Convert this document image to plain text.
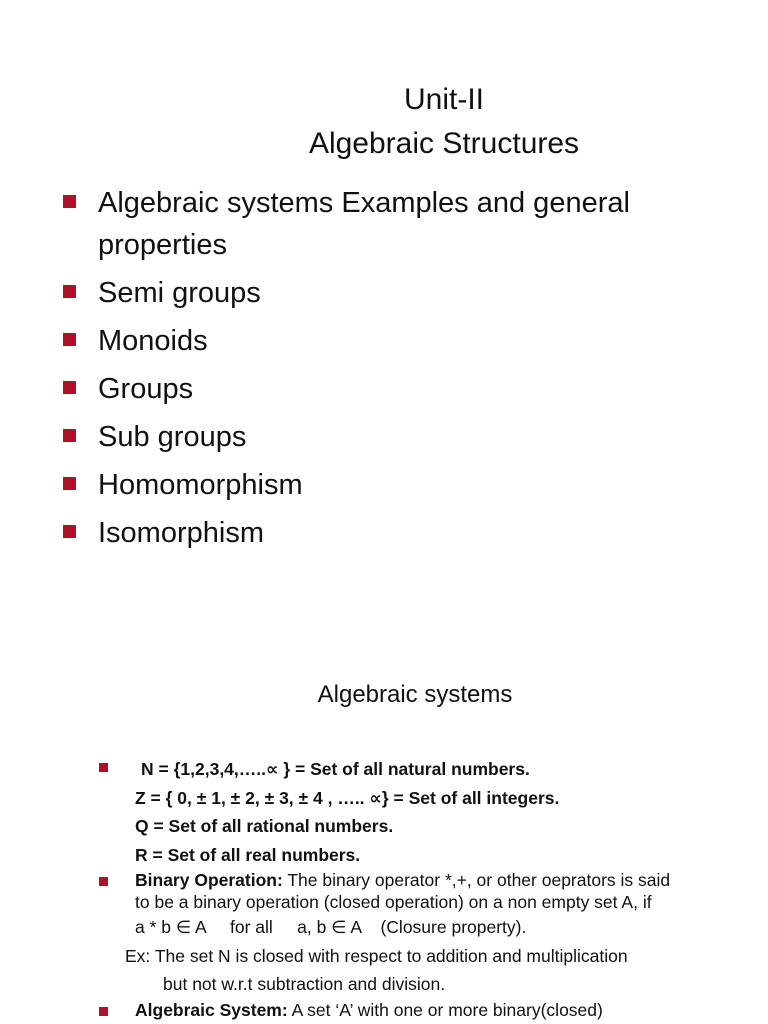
Unit-II
Algebraic Structures
Algebraic systems Examples and general properties
Semi groups
Monoids
Groups
Sub groups
Homomorphism
Isomorphism
Algebraic systems
N = {1,2,3,4,…..∝ } = Set of all natural numbers.
Z = { 0, ± 1, ± 2, ± 3, ± 4 , ….. ∝} = Set of all integers.
Q = Set of all rational numbers.
R = Set of all real numbers.
Binary Operation: The binary operator *,+, or other oeprators is said
to be a binary operation (closed operation) on a non empty set A, if
a * b ∈ A     for all     a, b ∈ A    (Closure property).
Ex: The set N is closed with respect to addition and multiplication
but not w.r.t subtraction and division.
Algebraic System: A set ‘A’ with one or more binary(closed)
